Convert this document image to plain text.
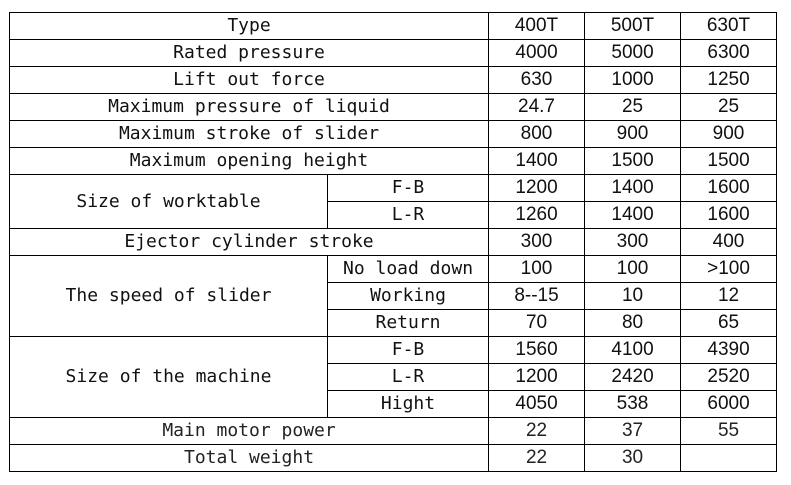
Type		400T	500T	630T
Rated pressure		4000	5000	6300
Lift out force		630	1000	1250
Maximum pressure of liquid		24.7	25	25
Maximum stroke of slider		800	900	900
Maximum opening height		1400	1500	1500
Size of worktable	F-B	1200	1400	1600
	L-R	1260	1400	1600
Ejector cylinder stroke		300	300	400
The speed of slider	No load down	100	100	>100
	Working	8--15	10	12
	Return	70	80	65
Size of the machine	F-B	1560	4100	4390
	L-R	1200	2420	2520
	Hight	4050	538	6000
Main motor power		22	37	55
Total weight		22	30	
